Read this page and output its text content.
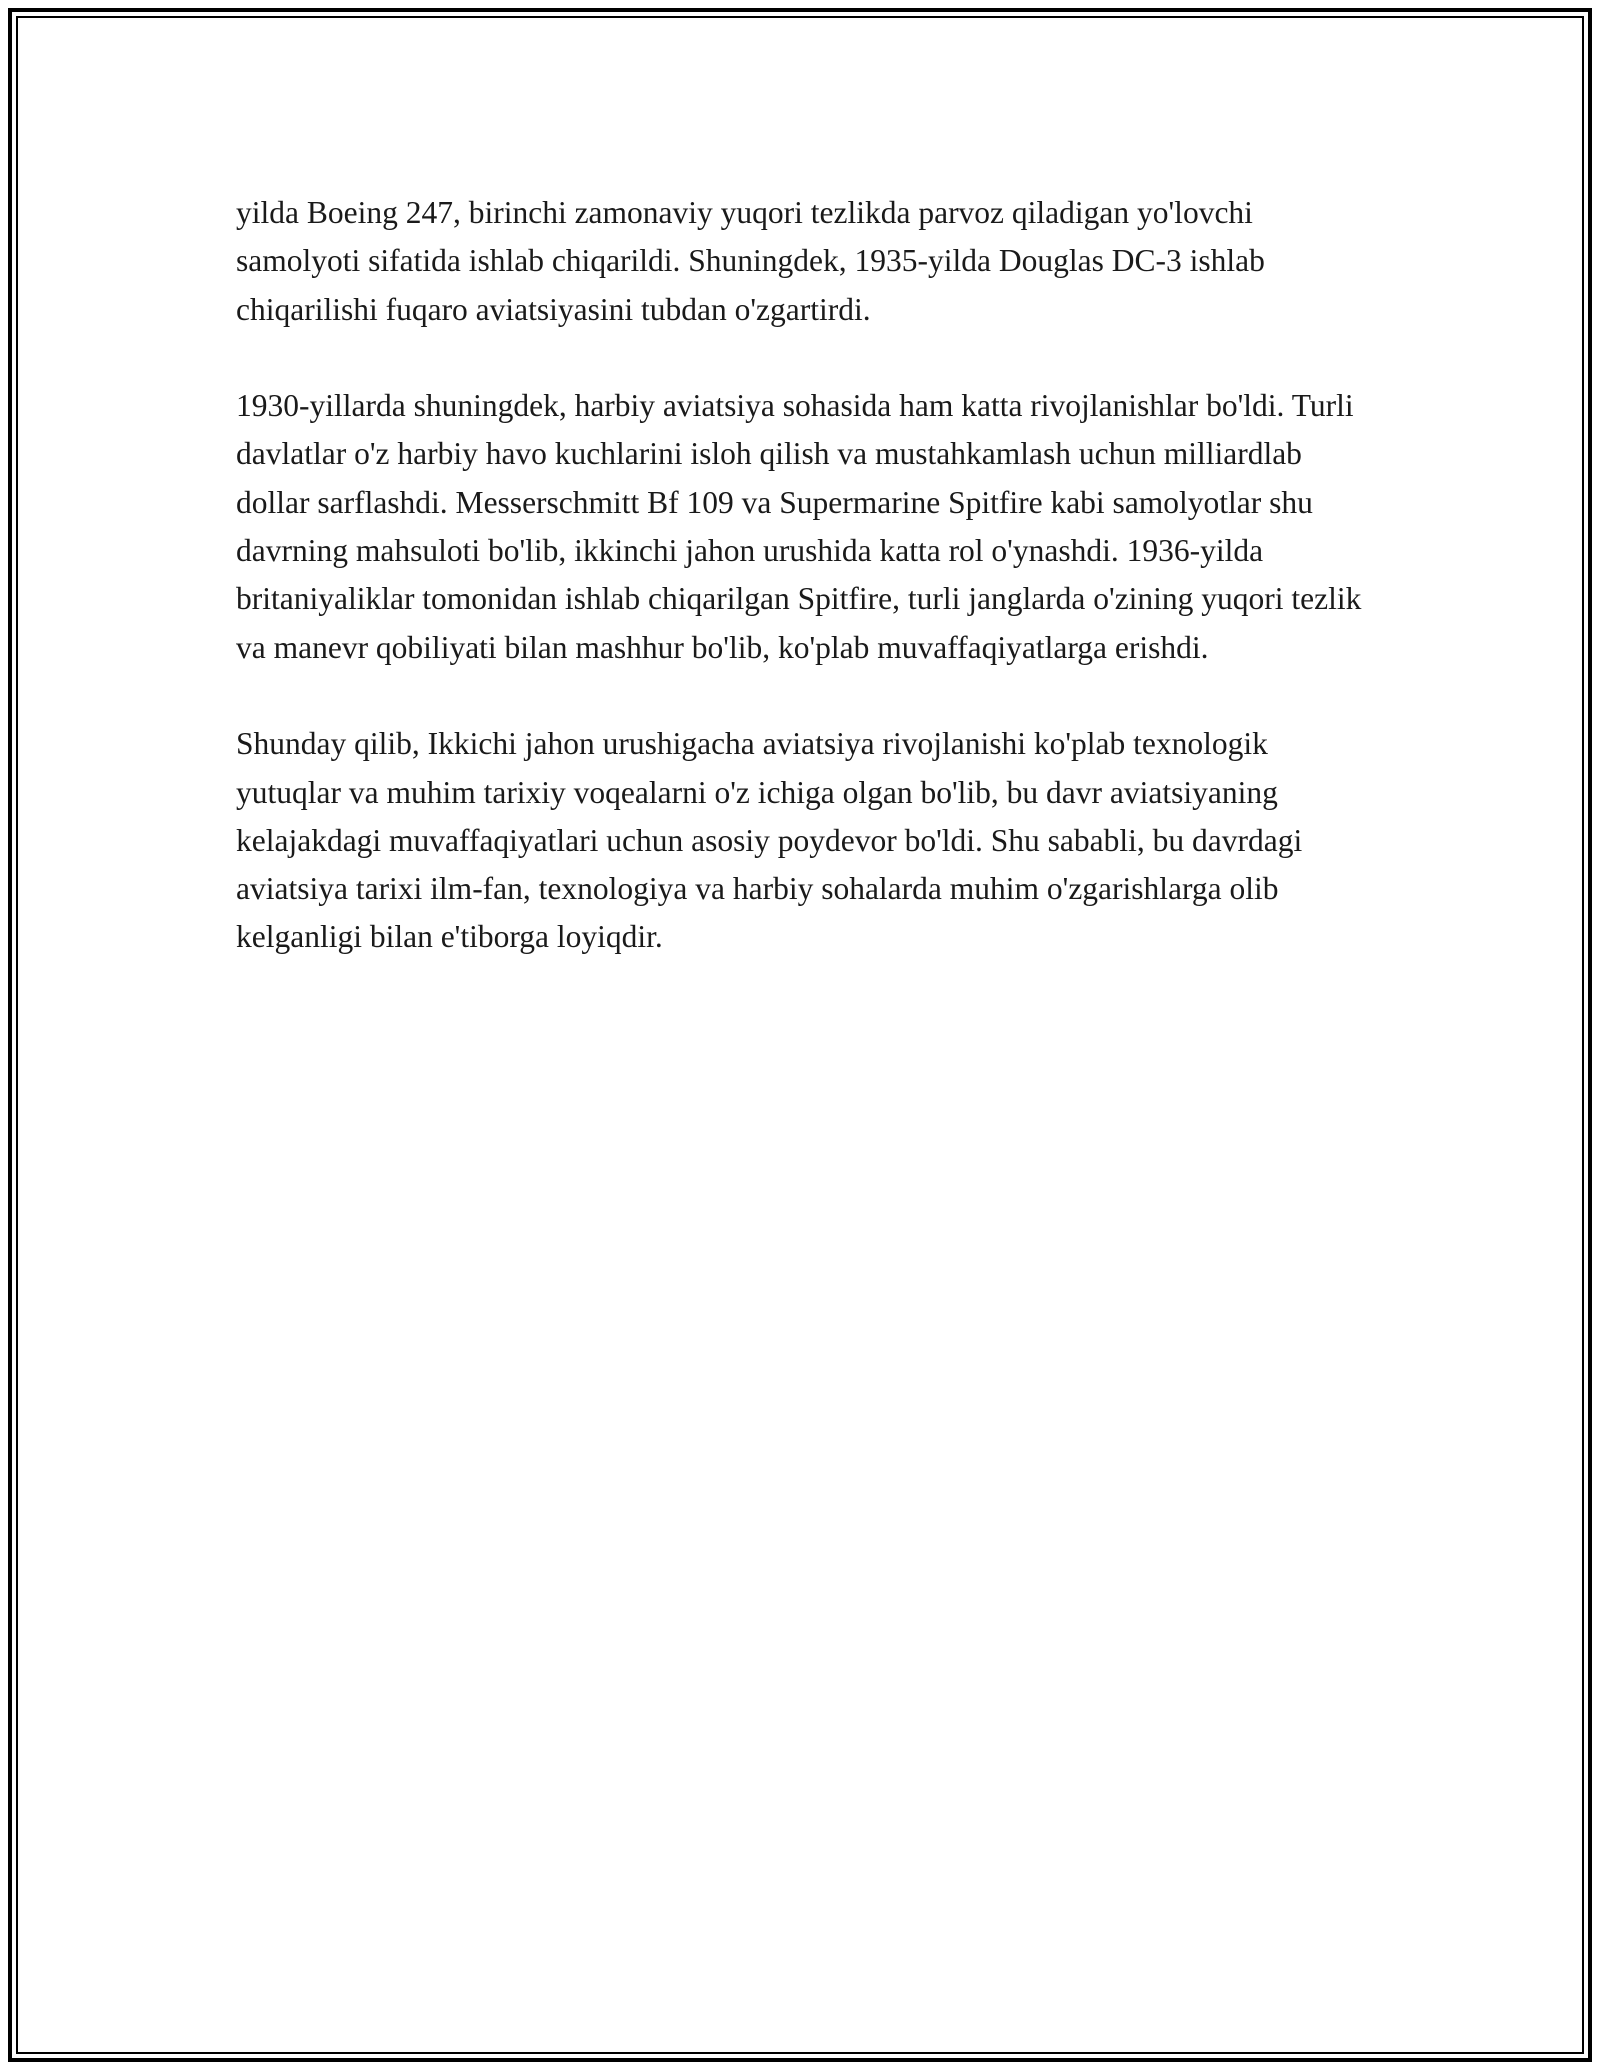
yilda Boeing 247, birinchi zamonaviy yuqori tezlikda parvoz qiladigan yo'lovchi samolyoti sifatida ishlab chiqarildi. Shuningdek, 1935-yilda Douglas DC-3 ishlab chiqarilishi fuqaro aviatsiyasini tubdan o'zgartirdi.

1930-yillarda shuningdek, harbiy aviatsiya sohasida ham katta rivojlanishlar bo'ldi. Turli davlatlar o'z harbiy havo kuchlarini isloh qilish va mustahkamlash uchun milliardlab dollar sarflashdi. Messerschmitt Bf 109 va Supermarine Spitfire kabi samolyotlar shu davrning mahsuloti bo'lib, ikkinchi jahon urushida katta rol o'ynashdi. 1936-yilda britaniyaliklar tomonidan ishlab chiqarilgan Spitfire, turli janglarda o'zining yuqori tezlik va manevr qobiliyati bilan mashhur bo'lib, ko'plab muvaffaqiyatlarga erishdi.

Shunday qilib, Ikkichi jahon urushigacha aviatsiya rivojlanishi ko'plab texnologik yutuqlar va muhim tarixiy voqealarni o'z ichiga olgan bo'lib, bu davr aviatsiyaning kelajakdagi muvaffaqiyatlari uchun asosiy poydevor bo'ldi. Shu sababli, bu davrdagi aviatsiya tarixi ilm-fan, texnologiya va harbiy sohalarda muhim o'zgarishlarga olib kelganligi bilan e'tiborga loyiqdir.
